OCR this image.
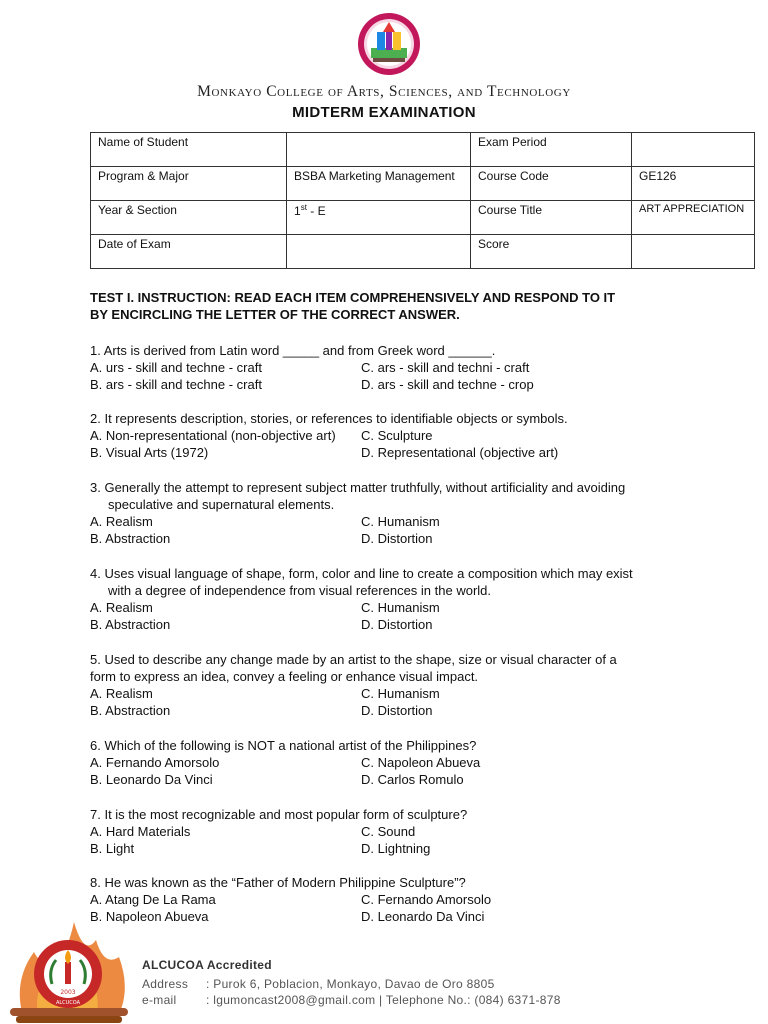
Monkayo College of Arts, Sciences, and Technology
MIDTERM EXAMINATION
Name of Student		Exam Period	
Program & Major	BSBA Marketing Management	Course Code	GE126
Year & Section	1st - E	Course Title	ART APPRECIATION
Date of Exam		Score	
TEST I. INSTRUCTION: READ EACH ITEM COMPREHENSIVELY AND RESPOND TO IT
BY ENCIRCLING THE LETTER OF THE CORRECT ANSWER.
1. Arts is derived from Latin word _____ and from Greek word ______.
A. urs - skill and techne - craft
B. ars - skill and techne - craft
C. ars - skill and techni - craft
D. ars - skill and techne - crop
2. It represents description, stories, or references to identifiable objects or symbols.
A. Non-representational (non-objective art)
B. Visual Arts (1972)
C. Sculpture
D. Representational (objective art)
3. Generally the attempt to represent subject matter truthfully, without artificiality and avoiding
speculative and supernatural elements.
A. Realism
B. Abstraction
C. Humanism
D. Distortion
4. Uses visual language of shape, form, color and line to create a composition which may exist
with a degree of independence from visual references in the world.
A. Realism
B. Abstraction
C. Humanism
D. Distortion
5. Used to describe any change made by an artist to the shape, size or visual character of a
form to express an idea, convey a feeling or enhance visual impact.
A. Realism
B. Abstraction
C. Humanism
D. Distortion
6. Which of the following is NOT a national artist of the Philippines?
A. Fernando Amorsolo
B. Leonardo Da Vinci
C. Napoleon Abueva
D. Carlos Romulo
7. It is the most recognizable and most popular form of sculpture?
A. Hard Materials
B. Light
C. Sound
D. Lightning
8. He was known as the “Father of Modern Philippine Sculpture”?
A. Atang De La Rama
B. Napoleon Abueva
C. Fernando Amorsolo
D. Leonardo Da Vinci
2003
ALCUCOA
ALCUCOA Accredited
Address : Purok 6, Poblacion, Monkayo, Davao de Oro 8805
e-mail : lgumoncast2008@gmail.com | Telephone No.: (084) 6371-878
